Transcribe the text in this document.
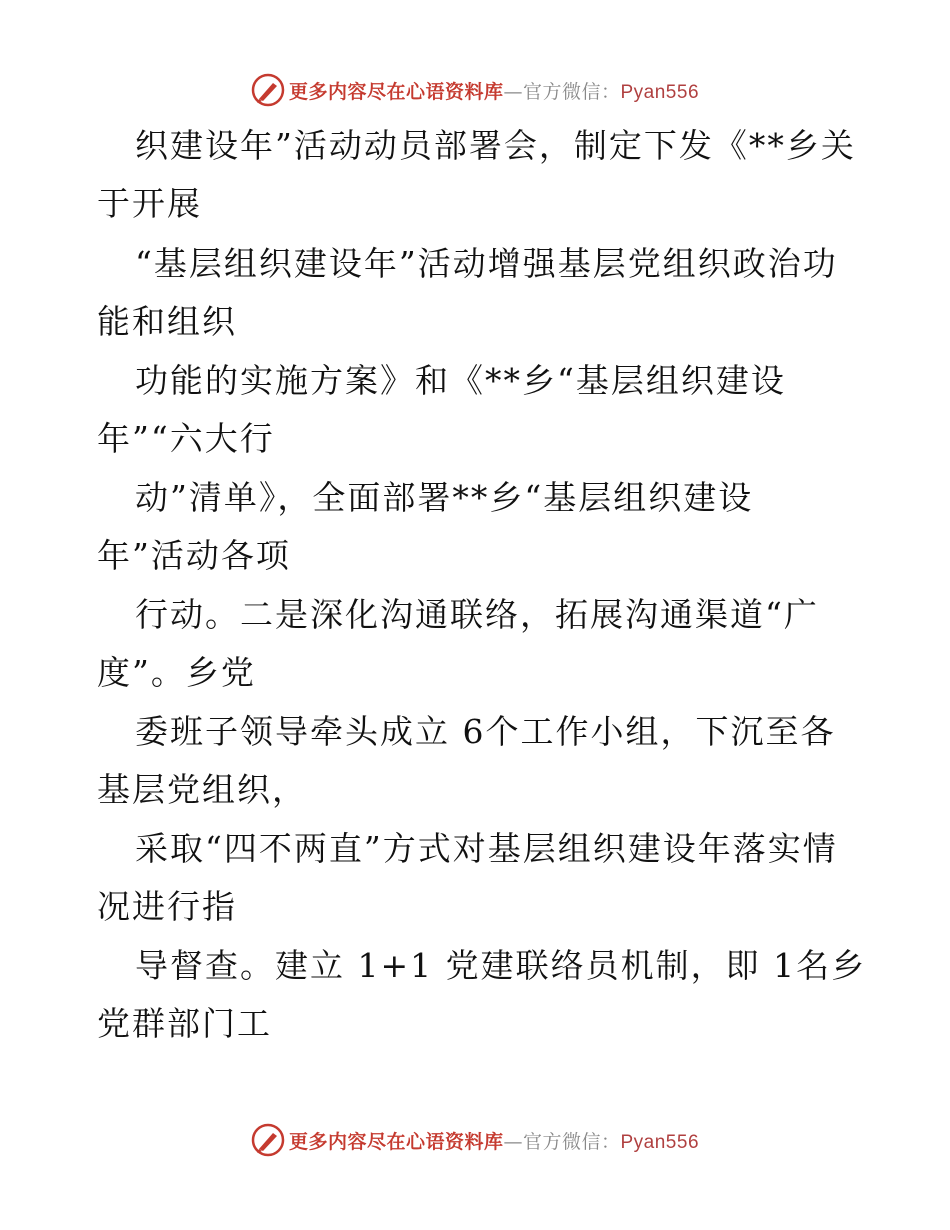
更多内容尽在心语资料库—官方微信：Pyan556
织建设年”活动动员部署会，制定下发《**乡关
于开展
“基层组织建设年”活动增强基层党组织政治功
能和组织
功能的实施方案》和《**乡“基层组织建设
年”“六大行
动”清单》，全面部署**乡“基层组织建设
年”活动各项
行动。二是深化沟通联络，拓展沟通渠道“广
度”。乡党
委班子领导牵头成立 6个工作小组，下沉至各
基层党组织，
采取“四不两直”方式对基层组织建设年落实情
况进行指
导督查。建立 1+1 党建联络员机制，即 1名乡
党群部门工
更多内容尽在心语资料库—官方微信：Pyan556
